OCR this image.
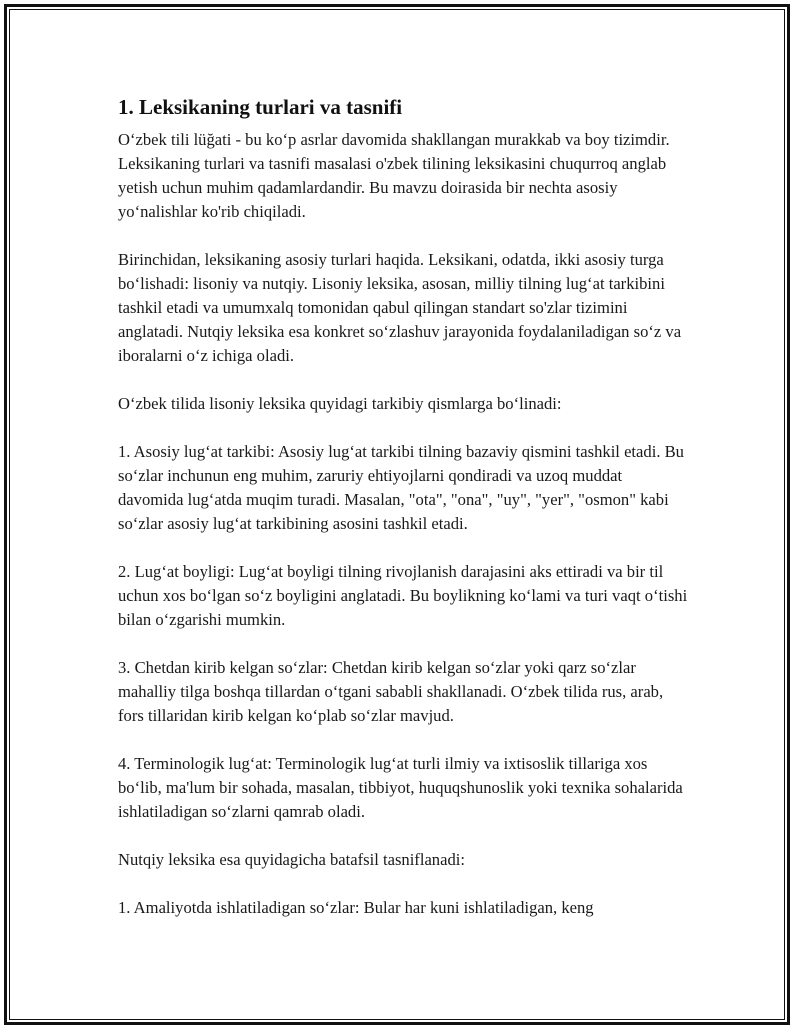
1. Leksikaning turlari va tasnifi

O‘zbek tili lüğati - bu ko‘p asrlar davomida shakllangan murakkab va boy tizimdir. Leksikaning turlari va tasnifi masalasi o'zbek tilining leksikasini chuqurroq anglab yetish uchun muhim qadamlardandir. Bu mavzu doirasida bir nechta asosiy yo‘nalishlar ko'rib chiqiladi.

Birinchidan, leksikaning asosiy turlari haqida. Leksikani, odatda, ikki asosiy turga bo‘lishadi: lisoniy va nutqiy. Lisoniy leksika, asosan, milliy tilning lug‘at tarkibini tashkil etadi va umumxalq tomonidan qabul qilingan standart so'zlar tizimini anglatadi. Nutqiy leksika esa konkret so‘zlashuv jarayonida foydalaniladigan so‘z va iboralarni o‘z ichiga oladi.

O‘zbek tilida lisoniy leksika quyidagi tarkibiy qismlarga bo‘linadi:

1. Asosiy lug‘at tarkibi: Asosiy lug‘at tarkibi tilning bazaviy qismini tashkil etadi. Bu so‘zlar inchunun eng muhim, zaruriy ehtiyojlarni qondiradi va uzoq muddat davomida lug‘atda muqim turadi. Masalan, "ota", "ona", "uy", "yer", "osmon" kabi so‘zlar asosiy lug‘at tarkibining asosini tashkil etadi.

2. Lug‘at boyligi: Lug‘at boyligi tilning rivojlanish darajasini aks ettiradi va bir til uchun xos bo‘lgan so‘z boyligini anglatadi. Bu boylikning ko‘lami va turi vaqt o‘tishi bilan o‘zgarishi mumkin.

3. Chetdan kirib kelgan so‘zlar: Chetdan kirib kelgan so‘zlar yoki qarz so‘zlar mahalliy tilga boshqa tillardan o‘tgani sababli shakllanadi. O‘zbek tilida rus, arab, fors tillaridan kirib kelgan ko‘plab so‘zlar mavjud.

4. Terminologik lug‘at: Terminologik lug‘at turli ilmiy va ixtisoslik tillariga xos bo‘lib, ma'lum bir sohada, masalan, tibbiyot, huquqshunoslik yoki texnika sohalarida ishlatiladigan so‘zlarni qamrab oladi.

Nutqiy leksika esa quyidagicha batafsil tasniflanadi:

1. Amaliyotda ishlatiladigan so‘zlar: Bular har kuni ishlatiladigan, keng
